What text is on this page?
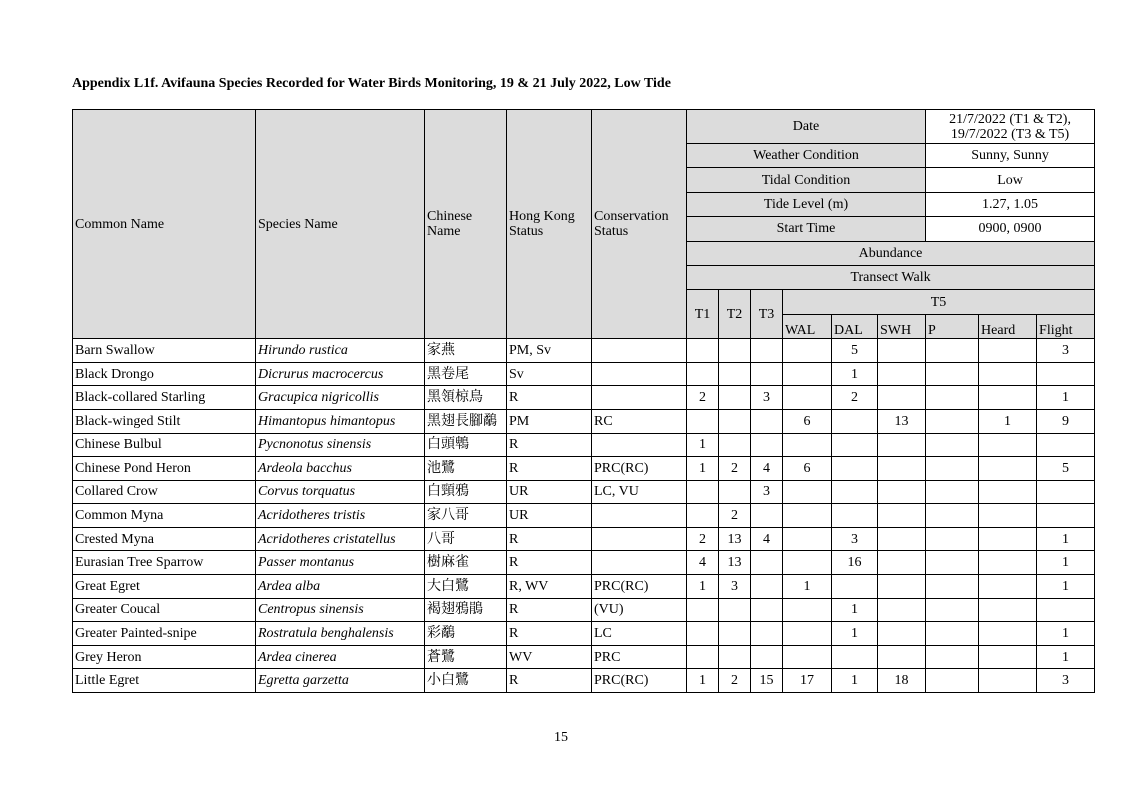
Appendix L1f. Avifauna Species Recorded for Water Birds Monitoring, 19 & 21 July 2022, Low Tide
Common Name	Species Name	Chinese Name	Hong Kong Status	Conservation Status	Date						21/7/2022 (T1 & T2), 19/7/2022 (T3 & T5)		
					Weather Condition						Sunny, Sunny		
					Tidal Condition						Low		
					Tide Level (m)						1.27, 1.05		
					Start Time						0900, 0900		
					Abundance								
					Transect Walk								
					T1	T2	T3	T5					
								WAL	DAL	SWH	P	Heard	Flight
Barn Swallow	Hirundo rustica	家燕	PM, Sv						5				3
Black Drongo	Dicrurus macrocercus	黑卷尾	Sv						1				
Black-collared Starling	Gracupica nigricollis	黑領椋鳥	R		2		3		2				1
Black-winged Stilt	Himantopus himantopus	黑翅長腳鷸	PM	RC				6		13		1	9
Chinese Bulbul	Pycnonotus sinensis	白頭鵯	R		1								
Chinese Pond Heron	Ardeola bacchus	池鷺	R	PRC(RC)	1	2	4	6					5
Collared Crow	Corvus torquatus	白頸鴉	UR	LC, VU			3						
Common Myna	Acridotheres tristis	家八哥	UR			2							
Crested Myna	Acridotheres cristatellus	八哥	R		2	13	4		3				1
Eurasian Tree Sparrow	Passer montanus	樹麻雀	R		4	13			16				1
Great Egret	Ardea alba	大白鷺	R, WV	PRC(RC)	1	3		1					1
Greater Coucal	Centropus sinensis	褐翅鴉鵑	R	(VU)					1				
Greater Painted-snipe	Rostratula benghalensis	彩鷸	R	LC					1				1
Grey Heron	Ardea cinerea	蒼鷺	WV	PRC									1
Little Egret	Egretta garzetta	小白鷺	R	PRC(RC)	1	2	15	17	1	18			3
15
